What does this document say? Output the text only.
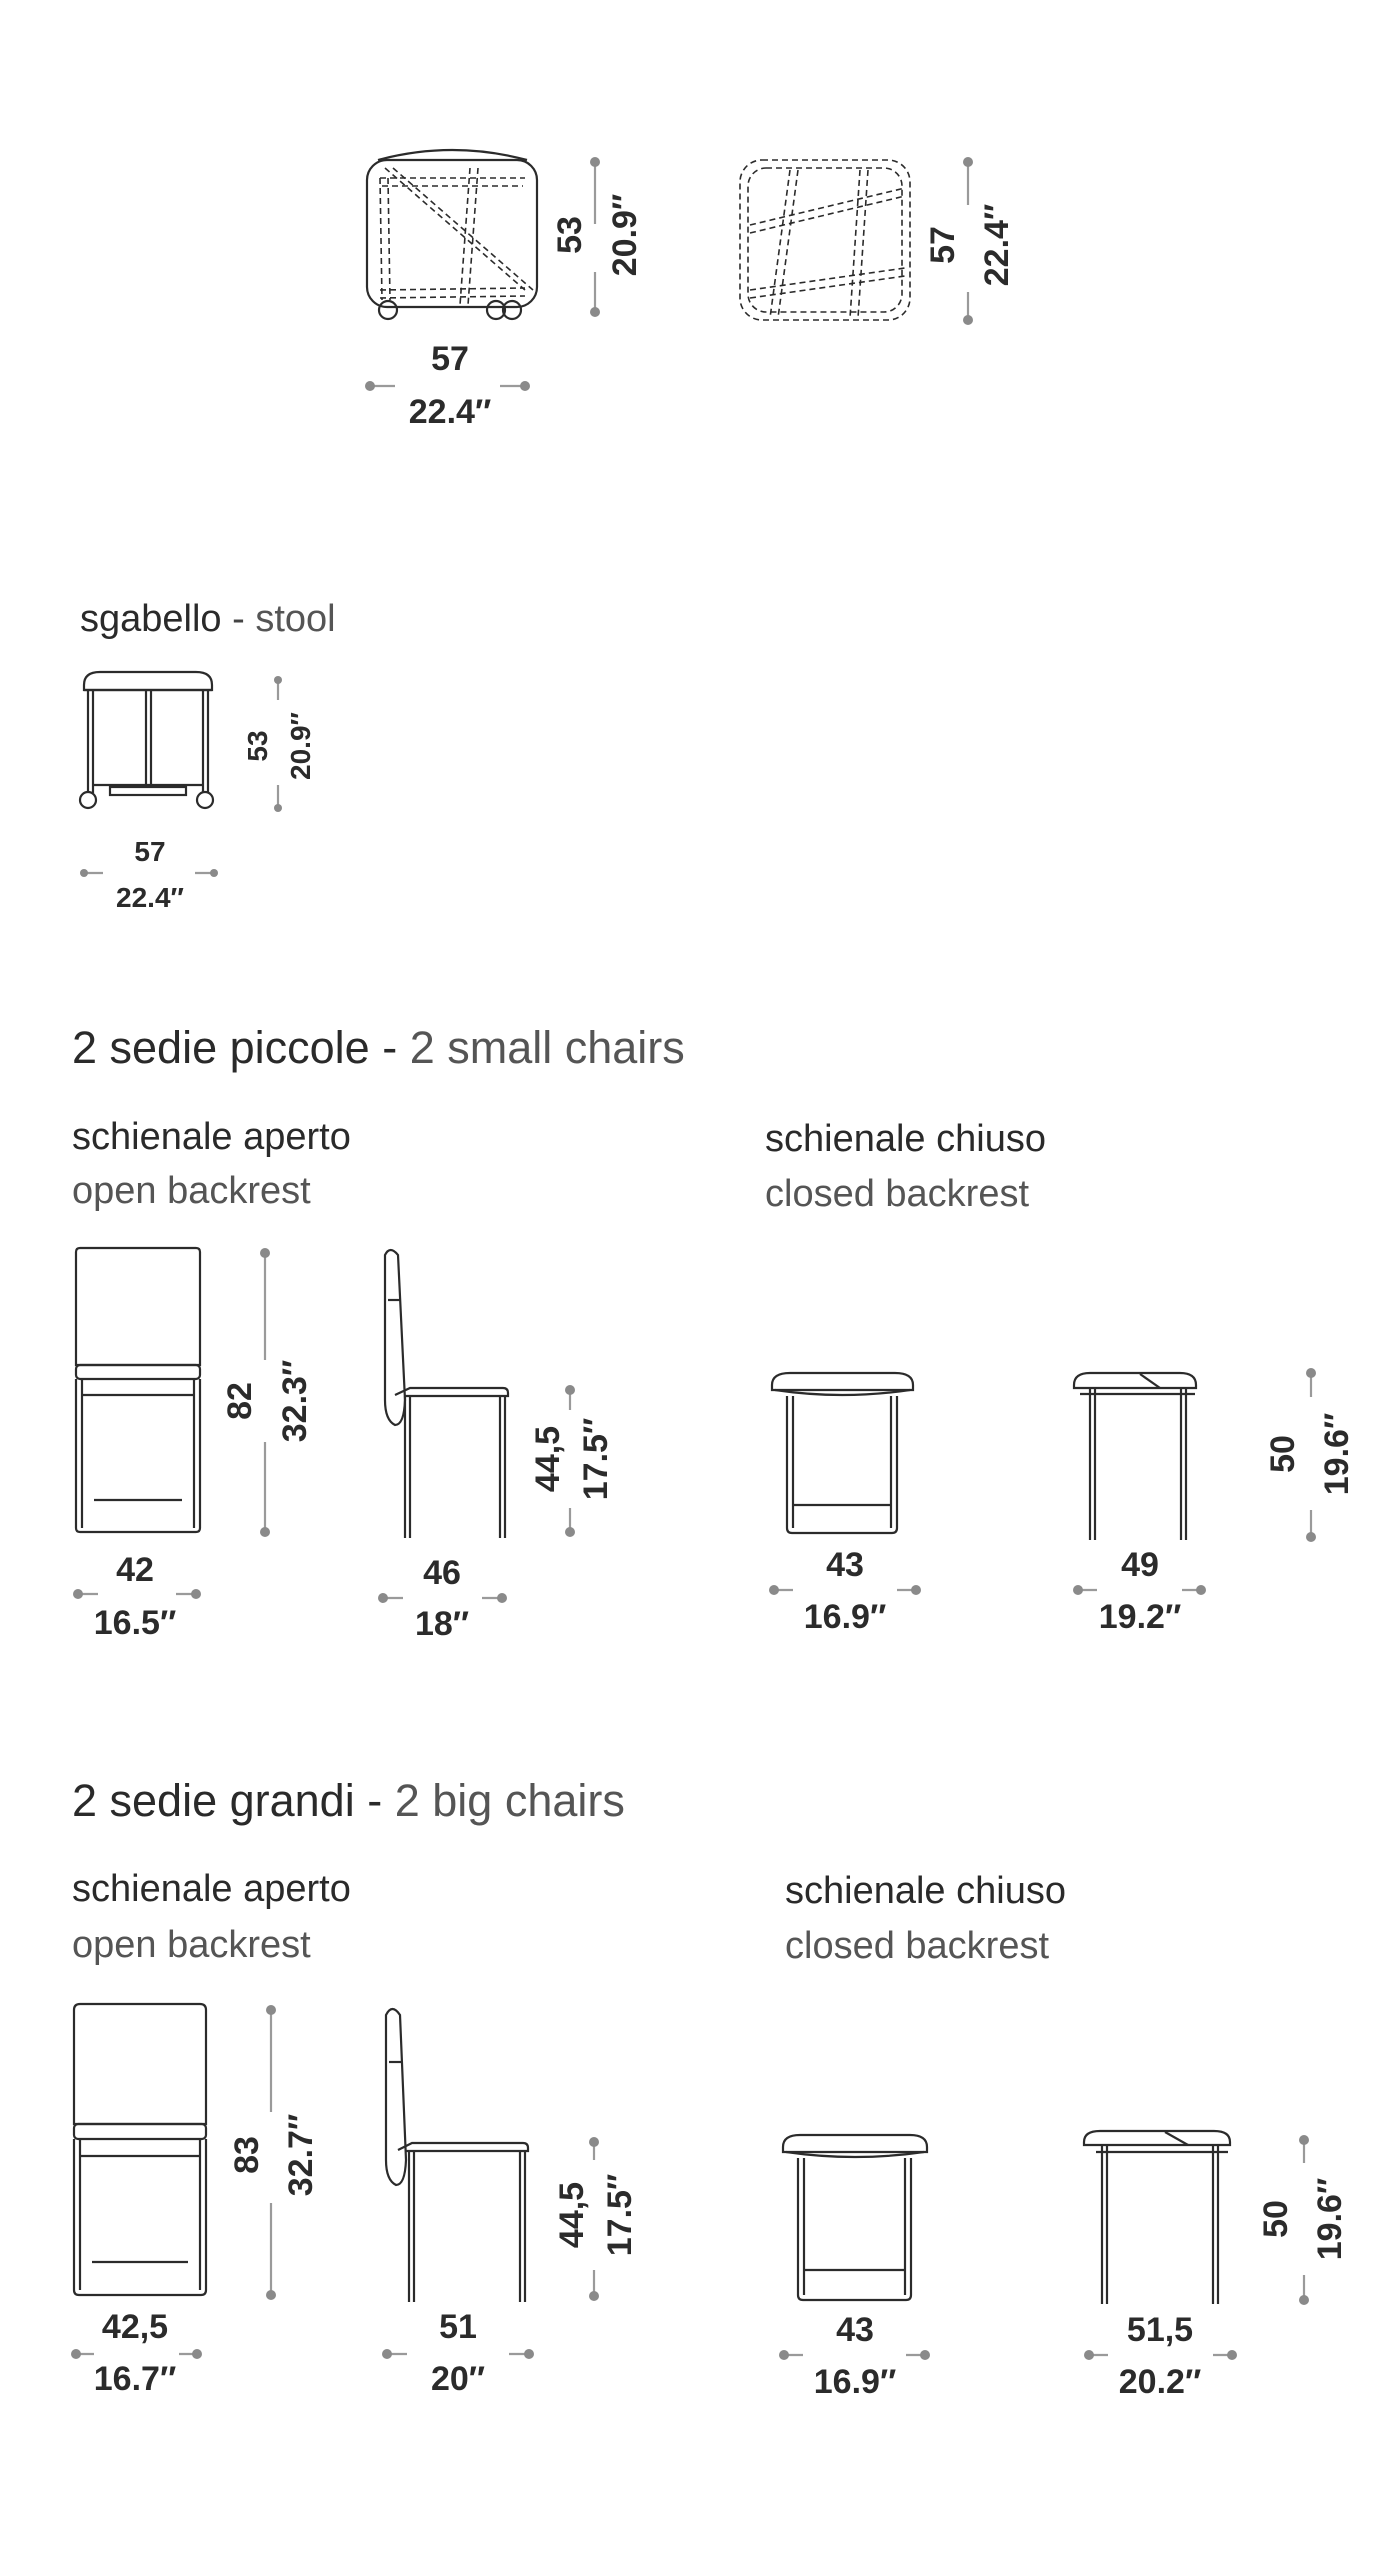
53 20.9″
57
22.4″
57 22.4″
sgabello - stool
53 20.9″
57
22.4″
2 sedie piccole - 2 small chairs
schienale aperto
open backrest
schienale chiuso
closed backrest
82 32.3″
42
16.5″
44,5 17.5″
46
18″
43
16.9″
49
19.2″
50 19.6″
2 sedie grandi - 2 big chairs
schienale aperto
open backrest
schienale chiuso
closed backrest
83 32.7″
42,5
16.7″
44,5 17.5″
51
20″
43
16.9″
51,5
20.2″
50 19.6″
